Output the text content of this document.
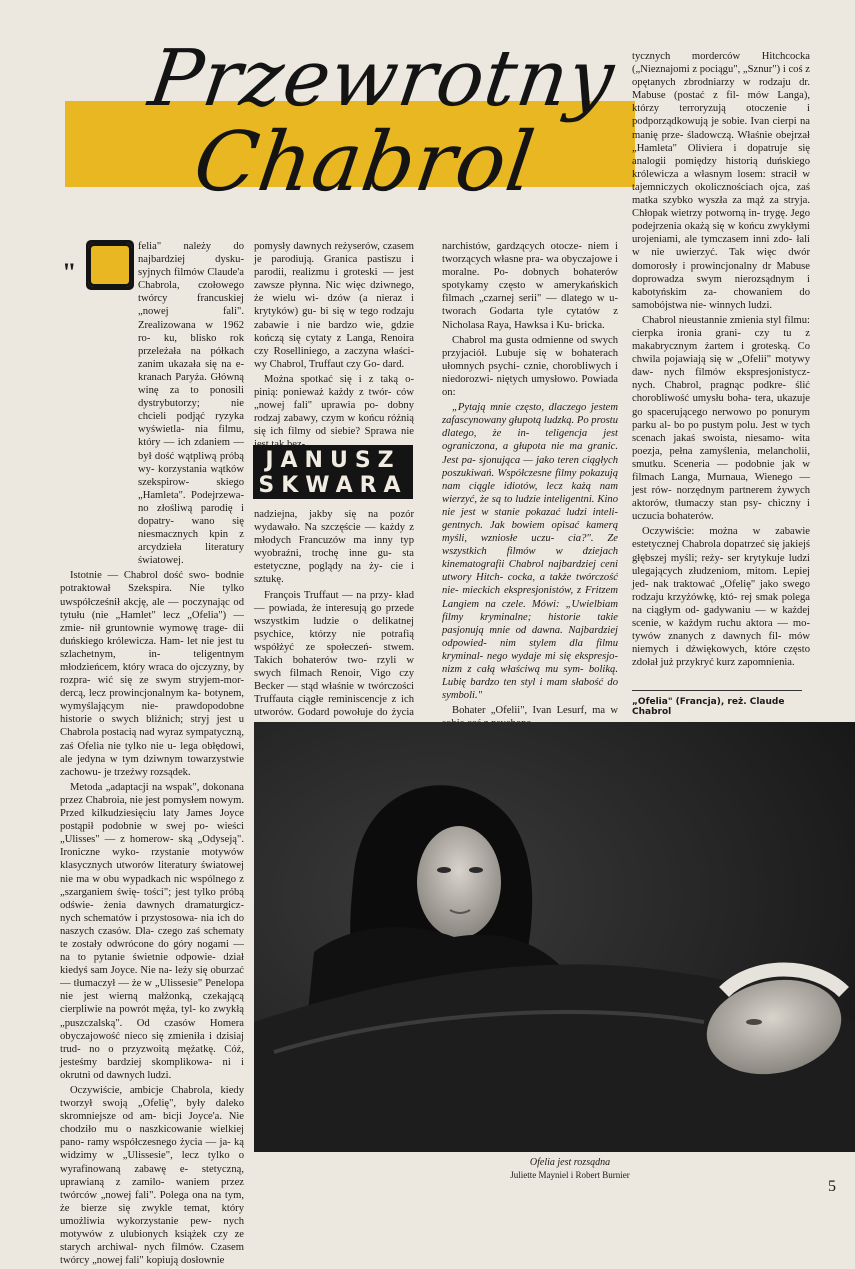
Przewrotny
Chabrol
"

felia" należy do najbardziej dysku- syjnych filmów Claude'a Chabrola, czołowego twórcy francuskiej „nowej fali". Zrealizowana w 1962 ro- ku, blisko rok przeleżała na półkach zanim ukazała się na e- kranach Paryża. Główną winę za to ponosili dystrybutorzy; nie chcieli podjąć ryzyka wyświetla- nia filmu, który — ich zdaniem — był dość wątpliwą próbą wy- korzystania wątków szekspirow- skiego „Hamleta". Podejrzewa- no złośliwą parodię i dopatry- wano się niesmacznych kpin z arcydzieła literatury światowej.

Istotnie — Chabrol dość swo- bodnie potraktował Szekspira. Nie tylko uwspółcześnił akcję, ale — poczynając od tytułu (nie „Hamlet" lecz „Ofelia") — zmie- nił gruntownie wymowę trage- dii duńskiego królewicza. Ham- let nie jest tu szlachetnym, in- teligentnym młodzieńcem, który wraca do ojczyzny, by rozpra- wić się ze swym stryjem-mor- dercą, lecz prowincjonalnym ka- botynem, wymyślającym nie- prawdopodobne historie o swych bliźnich; stryj jest u Chabrola postacią nad wyraz sympatyczną, zaś Ofelia nie tylko nie u- lega obłędowi, ale jedyna w tym dziwnym towarzystwie zachowu- je trzeźwy rozsądek.

Metoda „adaptacji na wspak", dokonana przez Chabroia, nie jest pomysłem nowym. Przed kilkudziesięciu laty James Joyce postąpił podobnie w swej po- wieści „Ulisses" — z homerow- ską „Odyseją". Ironiczne wyko- rzystanie motywów klasycznych utworów literatury światowej nie ma w obu wypadkach nic wspólnego z „szarganiem świę- tości"; jest tylko próbą odświe- żenia dawnych dramaturgicz- nych schematów i przystosowa- nia ich do naszych czasów. Dla- czego zaś schematy te zostały odwrócone do góry nogami — na to pytanie świetnie odpowie- dział kiedyś sam Joyce. Nie na- leży się oburzać — tłumaczył — że w „Ulissesie" Penelopa nie jest wierną małżonką, czekającą cierpliwie na powrót męża, tyl- ko zwykłą „puszczalską". Od czasów Homera obyczajowość nieco się zmieniła i dzisiaj trud- no o przyzwoitą mężatkę. Cóż, jesteśmy bardziej skomplikowa- ni i okrutni od dawnych ludzi.

Oczywiście, ambicje Chabrola, kiedy tworzył swoją „Ofelię", były daleko skromniejsze od am- bicji Joyce'a. Nie chodziło mu o naszkicowanie wielkiej pano- ramy współczesnego życia — ja- ką widzimy w „Ulissesie", lecz tylko o wyrafinowaną zabawę e- stetyczną, uprawianą z zamilo- waniem przez twórców „nowej fali". Polega ona na tym, że bierze się zwykle temat, który umożliwia wykorzystanie pew- nych motywów z ulubionych książek czy ze starych archiwal- nych filmów. Czasem twórcy „nowej fali" kopiują dosłownie

pomysły dawnych reżyserów, czasem je parodiują. Granica pastiszu i parodii, realizmu i groteski — jest zawsze płynna. Nic więc dziwnego, że wielu wi- dzów (a nieraz i krytyków) gu- bi się w tego rodzaju zabawie i nie bardzo wie, gdzie kończą się cytaty z Langa, Renoira czy Roselliniego, a zaczyna właści- wy Chabrol, Truffaut czy Go- dard.

Można spotkać się i z taką o- pinią: ponieważ każdy z twór- ców „nowej fali" uprawia po- dobny rodzaj zabawy, czym w końcu różnią się ich filmy od siebie? Sprawa nie

JANUSZ
SKWARA

nadziejna, jakby się na pozór wydawało. Na szczęście — każdy z młodych Francuzów ma inny typ wyobraźni, trochę inne gu- sta estetyczne, poglądy na ży- cie i sztukę.

François Truffaut — na przy- kład — powiada, że interesują go przede wszystkim ludzie o delikatnej psychice, którzy nie potrafią współżyć ze społeczeń- stwem. Takich bohaterów two- rzyli w swych filmach Renoir, Vigo czy Becker — stąd właśnie w twórczości Truffauta ciągłe reminiscencje z ich utworów. Godard powołuje do życia

narchistów, gardzących otocze- niem i tworzących własne pra- wa obyczajowe i moralne. Po- dobnych bohaterów spotykamy często w amerykańskich filmach „czarnej serii" — dlatego w u- tworach Godarta tyle cytatów z Nicholasa Raya, Hawksa i Ku- bricka.

Chabrol ma gusta odmienne od swych przyjaciół. Lubuje się w bohaterach ułomnych psychi- cznie, chorobliwych i niedorozwi- niętych umysłowo. Powiada on:

„Pytają mnie często, dlaczego jestem zafascynowany głupotą ludzką. Po prostu dlatego, że in- teligencja jest ograniczona, a głupota nie ma granic. Jest pa- sjonująca — jako teren ciągłych poszukiwań. Współczesne filmy pokazują nam ciągle idiotów, lecz każą nam wierzyć, że są to ludzie inteligentni. Kino nie jest w stanie pokazać ludzi inteli- gentnych. Jak bowiem opisać kamerą myśli, wzniosłe uczu- cia?". Ze wszystkich filmów w dziejach kinematografii Chabrol najbardziej ceni utwory Hitch- cocka, a także twórczość nie- mieckich ekspresjonistów, z Fritzem Langiem na czele. Mówi: „Uwielbiam filmy kryminalne; historie takie pasjonują mnie od dawna. Najbardziej odpowied- nim stylem dla filmu kryminal- nego wydaje mi się ekspresjo- nizm z całą właściwą mu sym- boliką. Lubię bardzo ten styl i mam słabość do symboli."

Bohater „Ofelii", Ivan Lesurf, ma w

tycznych morderców Hitchcocka („Nieznajomi z pociągu", „Sznur") i coś z opętanych zbrodniarzy w rodzaju dr. Mabuse (postać z fil- mów Langa), którzy terroryzują otoczenie i podporządkowują je sobie. Ivan cierpi na manię prze- śladowczą. Właśnie obejrzał „Hamleta" Oliviera i dopatruje się analogii pomiędzy historią duńskiego królewicza a własnym losem: stracił w tajemniczych okolicznościach ojca, zaś matka szybko wyszła za mąż za stryja. Chłopak wietrzy potworną in- trygę. Jego podejrzenia okażą się w końcu zwykłymi urojeniami, ale tymczasem inni zdo- łali w nie uwierzyć. Tak więc dwór domorosły i prowincjonalny dr Mabuse doprowadza swym nierozsądnym i kabotyńskim za- chowaniem do samobójstwa nie- winnych ludzi.

Chabrol nieustannie zmienia styl filmu: cierpka ironia grani- czy tu z makabrycznym żartem i groteską. Co chwila pojawiają się w „Ofelii" motywy daw- nych filmów ekspresjonistycz- nych. Chabrol, pragnąc podkre- ślić chorobliwość umysłu boha- tera, ukazuje go spacerującego nerwowo po ponurym parku al- bo po pustym polu. Jest w tych scenach jakaś swoista, niesamo- wita poezja, pełna zamyślenia, melancholii, smutku. Sceneria — podobnie jak w filmach Langa, Murnaua, Wienego — jest rów- norzędnym partnerem żywych aktorów, tłumaczy stan psy- chiczny i uczucia bohaterów.

Oczywiście: można w zabawie estetycznej Chabrola dopatrzeć się jakiejś głębszej myśli; reży- ser krytykuje ludzi ulegających złudzeniom, mitom. Lepiej jed- nak traktować „Ofelię" jako swego rodzaju krzyżówkę, któ- rej smak polega na ciągłym od- gadywaniu — w każdej scenie, w każdym ruchu aktora — mo- tywów znanych z dawnych fil- mów niemych i dźwiękowych, które często zdołał już przykryć kurz zapomnienia.

„Ofelia" (Francja), reż. Claude Chabrol
Ofelia jest rozsądna
Juliette Mayniel i Robert Burnier
5
